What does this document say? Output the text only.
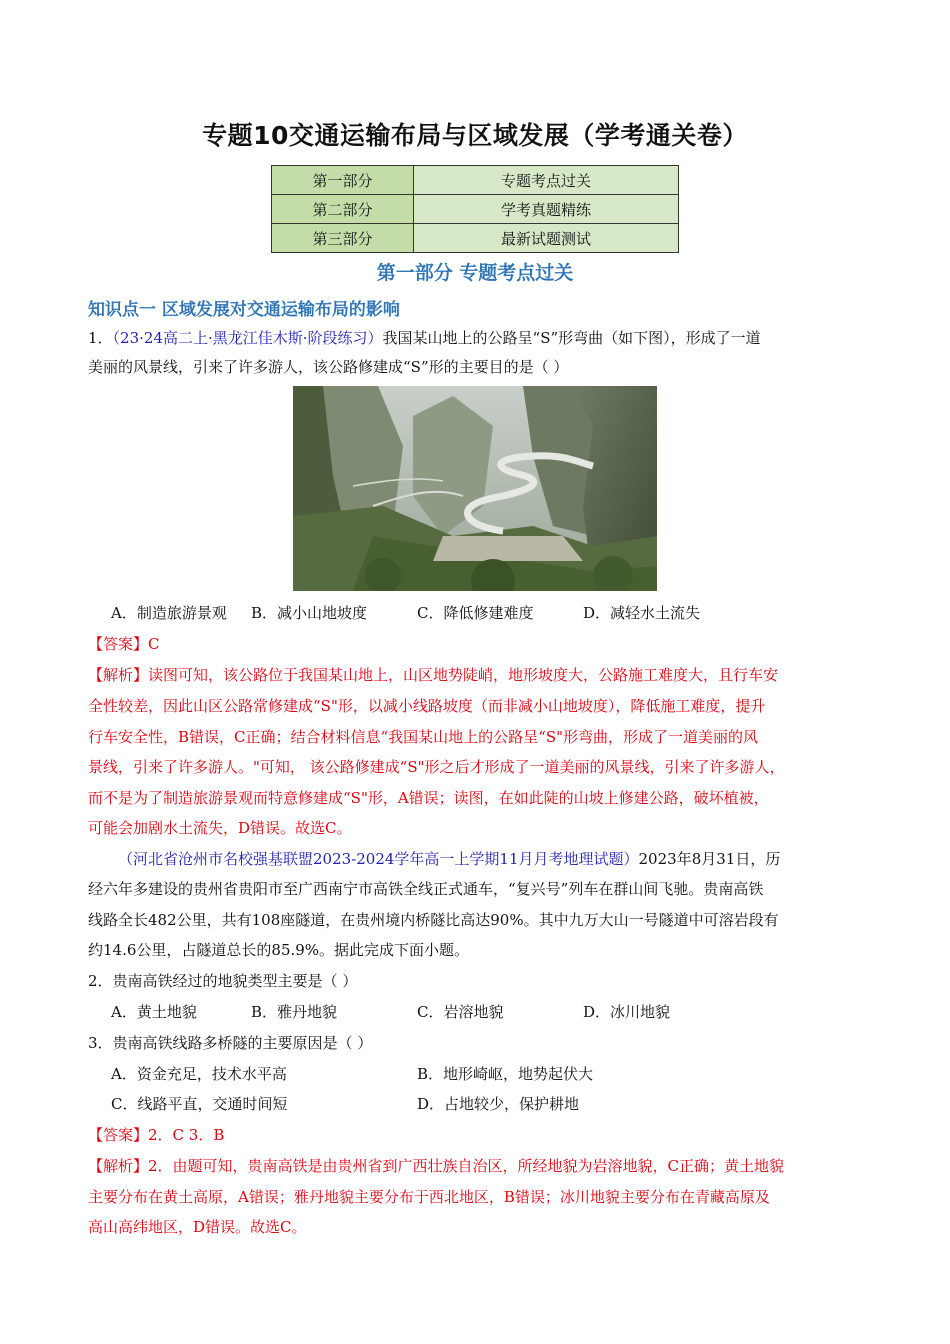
专题10交通运输布局与区域发展（学考通关卷）
第一部分	专题考点过关
第二部分	学考真题精练
第三部分	最新试题测试
第一部分 专题考点过关
知识点一 区域发展对交通运输布局的影响
1．（23·24高二上·黑龙江佳木斯·阶段练习）我国某山地上的公路呈“S”形弯曲（如下图），形成了一道
美丽的风景线，引来了许多游人，该公路修建成“S”形的主要目的是（ ）
A．制造旅游景观 B．减小山地坡度	C．降低修建难度	D．减轻水土流失
【答案】C
【解析】读图可知，该公路位于我国某山地上，山区地势陡峭，地形坡度大，公路施工难度大，且行车安
全性较差，因此山区公路常修建成“S"形，以减小线路坡度（而非减小山地坡度），降低施工难度，提升
行车安全性，B错误，C正确；结合材料信息“我国某山地上的公路呈“S"形弯曲，形成了一道美丽的风
景线，引来了许多游人。"可知， 该公路修建成“S"形之后才形成了一道美丽的风景线，引来了许多游人，
而不是为了制造旅游景观而特意修建成“S"形，A错误；读图，在如此陡的山坡上修建公路，破坏植被，
可能会加剧水土流失，D错误。故选C。
（河北省沧州市名校强基联盟2023-2024学年高一上学期11月月考地理试题）2023年8月31日，历
经六年多建设的贵州省贵阳市至广西南宁市高铁全线正式通车，“复兴号”列车在群山间飞驰。贵南高铁
线路全长482公里，共有108座隧道，在贵州境内桥隧比高达90%。其中九万大山一号隧道中可溶岩段有
约14.6公里，占隧道总长的85.9%。据此完成下面小题。
2．贵南高铁经过的地貌类型主要是（ ）
A．黄土地貌	B．雅丹地貌	C．岩溶地貌	D．冰川地貌
3．贵南高铁线路多桥隧的主要原因是（ ）
A．资金充足，技术水平高	B．地形崎岖，地势起伏大
C．线路平直，交通时间短	D．占地较少，保护耕地
【答案】2．C 3．B
【解析】2．由题可知，贵南高铁是由贵州省到广西壮族自治区，所经地貌为岩溶地貌，C正确；黄土地貌
主要分布在黄土高原，A错误；雅丹地貌主要分布于西北地区，B错误；冰川地貌主要分布在青藏高原及
高山高纬地区，D错误。故选C。
